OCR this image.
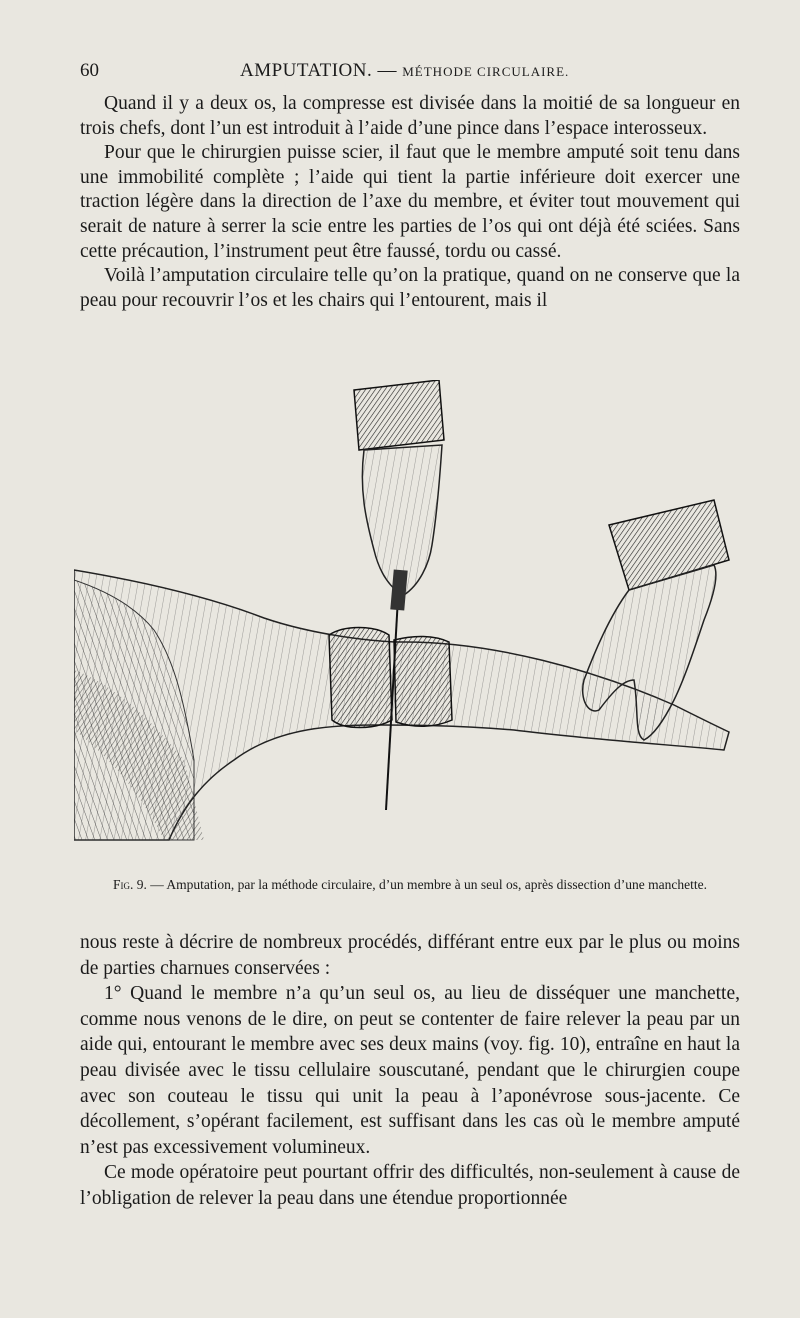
60	AMPUTATION. — MÉTHODE CIRCULAIRE.

Quand il y a deux os, la compresse est divisée dans la moitié de sa longueur en trois chefs, dont l’un est introduit à l’aide d’une pince dans l’espace interosseux.

Pour que le chirurgien puisse scier, il faut que le membre amputé soit tenu dans une immobilité complète ; l’aide qui tient la partie inférieure doit exercer une traction légère dans la direction de l’axe du membre, et éviter tout mouvement qui serait de nature à serrer la scie entre les parties de l’os qui ont déjà été sciées. Sans cette précaution, l’instrument peut être faussé, tordu ou cassé.

Voilà l’amputation circulaire telle qu’on la pratique, quand on ne conserve que la peau pour recouvrir l’os et les chairs qui l’entourent, mais il

Fig. 9. — Amputation, par la méthode circulaire, d’un membre à un seul os, après dissection d’une manchette.

nous reste à décrire de nombreux procédés, différant entre eux par le plus ou moins de parties charnues conservées :

1° Quand le membre n’a qu’un seul os, au lieu de disséquer une manchette, comme nous venons de le dire, on peut se contenter de faire relever la peau par un aide qui, entourant le membre avec ses deux mains (voy. fig. 10), entraîne en haut la peau divisée avec le tissu cellulaire souscutané, pendant que le chirurgien coupe avec son couteau le tissu qui unit la peau à l’aponévrose sous-jacente. Ce décollement, s’opérant facilement, est suffisant dans les cas où le membre amputé n’est pas excessivement volumineux.

Ce mode opératoire peut pourtant offrir des difficultés, non-seulement à cause de l’obligation de relever la peau dans une étendue proportionnée
